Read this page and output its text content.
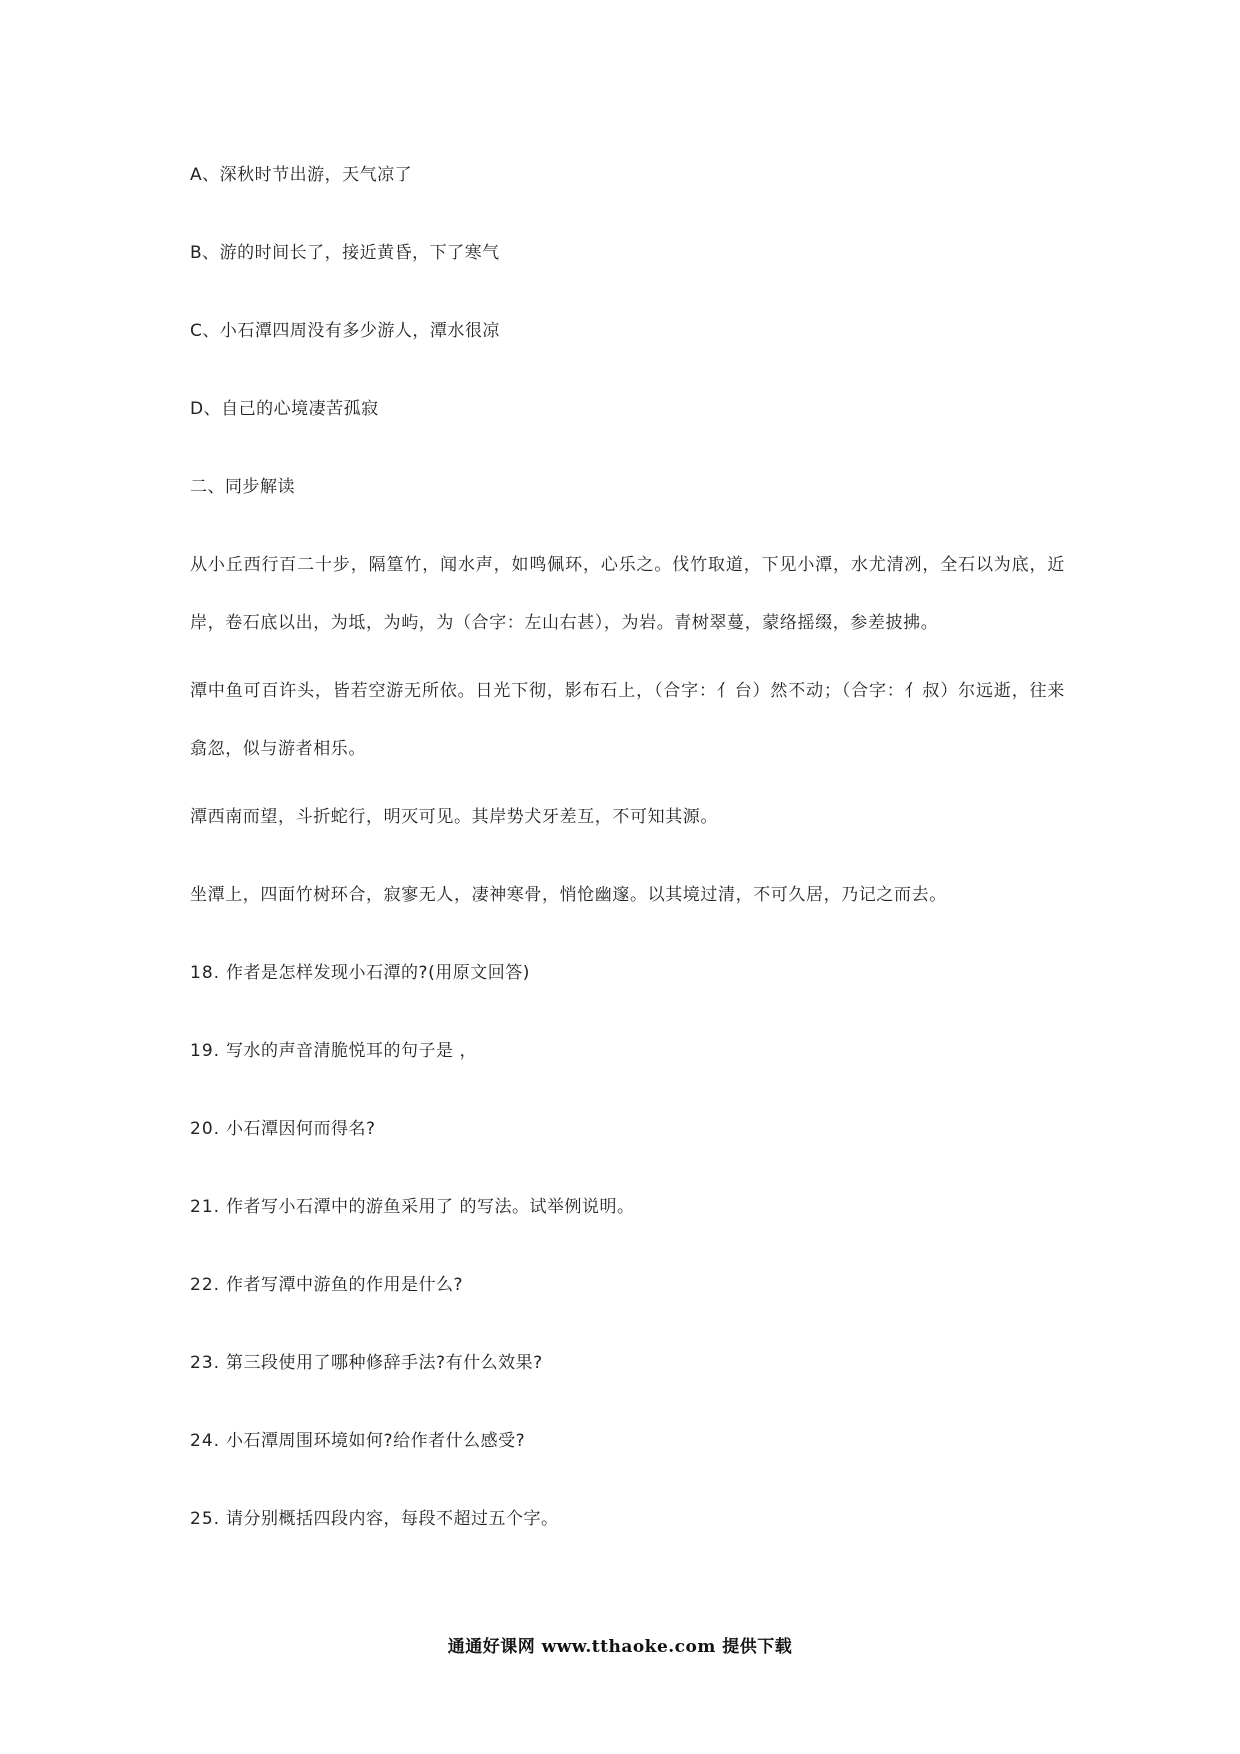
A、深秋时节出游，天气凉了
B、游的时间长了，接近黄昏，下了寒气
C、小石潭四周没有多少游人，潭水很凉
D、自己的心境凄苦孤寂
二、同步解读
从小丘西行百二十步，隔篁竹，闻水声，如鸣佩环，心乐之。伐竹取道，下见小潭，水尤清冽，全石以为底，近岸，卷石底以出，为坻，为屿，为（合字：左山右甚），为岩。青树翠蔓，蒙络摇缀，参差披拂。
潭中鱼可百许头，皆若空游无所依。日光下彻，影布石上，（合字：亻台）然不动；（合字：亻叔）尔远逝，往来翕忽，似与游者相乐。
潭西南而望，斗折蛇行，明灭可见。其岸势犬牙差互，不可知其源。
坐潭上，四面竹树环合，寂寥无人，凄神寒骨，悄怆幽邃。以其境过清，不可久居，乃记之而去。
18. 作者是怎样发现小石潭的?(用原文回答)
19. 写水的声音清脆悦耳的句子是 ，
20. 小石潭因何而得名?
21. 作者写小石潭中的游鱼采用了 的写法。试举例说明。
22. 作者写潭中游鱼的作用是什么?
23. 第三段使用了哪种修辞手法?有什么效果?
24. 小石潭周围环境如何?给作者什么感受?
25. 请分别概括四段内容，每段不超过五个字。
通通好课网 www.tthaoke.com 提供下载
